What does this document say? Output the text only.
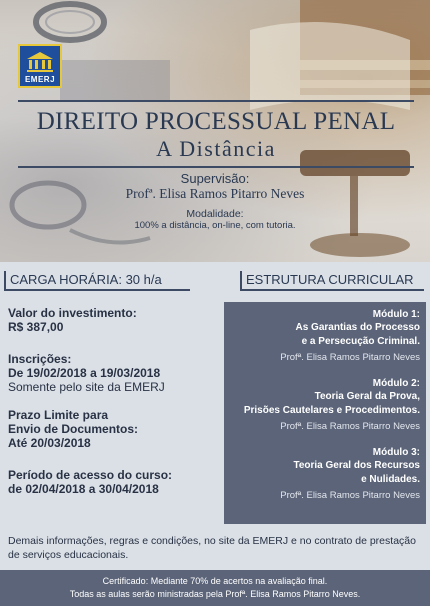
EMERJ
DIREITO PROCESSUAL PENAL
A Distância
Supervisão:
Profª. Elisa Ramos Pitarro Neves
Modalidade:
100% a distância, on-line, com tutoria.
CARGA HORÁRIA: 30 h/a	ESTRUTURA CURRICULAR
Valor do investimento:
R$ 387,00
Inscrições:
De 19/02/2018 a 19/03/2018
Somente pelo site da EMERJ
Prazo Limite para
Envio de Documentos:
Até 20/03/2018
Período de acesso do curso:
de 02/04/2018 a 30/04/2018
Módulo 1:
As Garantias do Processo
e a Persecução Criminal.
Profª. Elisa Ramos Pitarro Neves
Módulo 2:
Teoria Geral da Prova,
Prisões Cautelares e Procedimentos.
Profª. Elisa Ramos Pitarro Neves
Módulo 3:
Teoria Geral dos Recursos
e Nulidades.
Profª. Elisa Ramos Pitarro Neves
Demais informações, regras e condições, no site da EMERJ e no contrato de prestação de serviços educacionais.
Certificado: Mediante 70% de acertos na avaliação final.
Todas as aulas serão ministradas pela Profª. Elisa Ramos Pitarro Neves.
